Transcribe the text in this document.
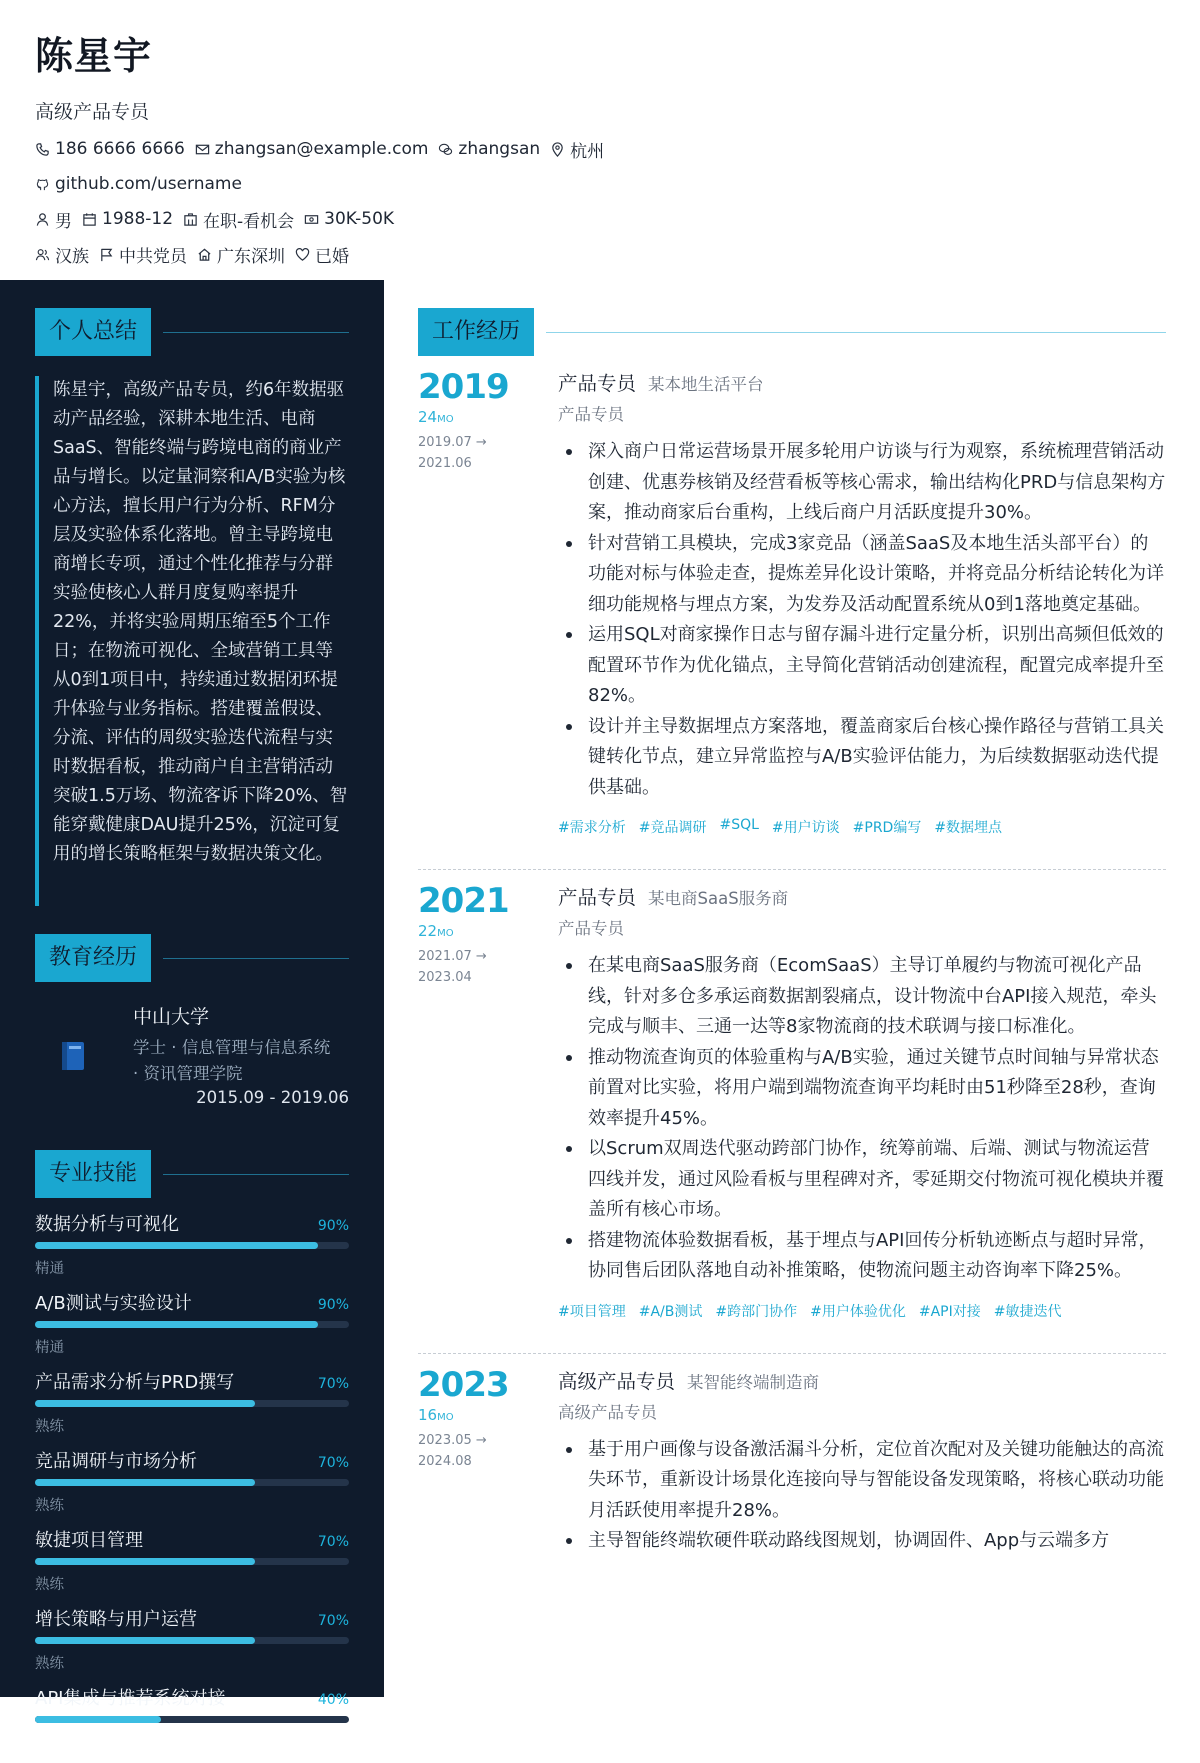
陈星宇
高级产品专员
186 6666 6666 zhangsan@example.com zhangsan 杭州
github.com/username
男 1988-12 在职-看机会 30K-50K
汉族 中共党员 广东深圳 已婚
个人总结
陈星宇，高级产品专员，约6年数据驱动产品经验，深耕本地生活、电商SaaS、智能终端与跨境电商的商业产品与增长。以定量洞察和A/B实验为核心方法，擅长用户行为分析、RFM分层及实验体系化落地。曾主导跨境电商增长专项，通过个性化推荐与分群实验使核心人群月度复购率提升22%，并将实验周期压缩至5个工作日；在物流可视化、全域营销工具等从0到1项目中，持续通过数据闭环提升体验与业务指标。搭建覆盖假设、分流、评估的周级实验迭代流程与实时数据看板，推动商户自主营销活动突破1.5万场、物流客诉下降20%、智能穿戴健康DAU提升25%，沉淀可复用的增长策略框架与数据决策文化。
教育经历
中山大学
学士 · 信息管理与信息系统
· 资讯管理学院
2015.09 - 2019.06
专业技能
数据分析与可视化	90%
精通
A/B测试与实验设计	90%
精通
产品需求分析与PRD撰写	70%
熟练
竞品调研与市场分析	70%
熟练
敏捷项目管理	70%
熟练
增长策略与用户运营	70%
熟练
API集成与推荐系统对接	40%
工作经历
2019
24MO
2019.07 →
2021.06
产品专员 某本地生活平台
产品专员
深入商户日常运营场景开展多轮用户访谈与行为观察，系统梳理营销活动创建、优惠券核销及经营看板等核心需求，输出结构化PRD与信息架构方案，推动商家后台重构，上线后商户月活跃度提升30%。
针对营销工具模块，完成3家竞品（涵盖SaaS及本地生活头部平台）的功能对标与体验走查，提炼差异化设计策略，并将竞品分析结论转化为详细功能规格与埋点方案，为发券及活动配置系统从0到1落地奠定基础。
运用SQL对商家操作日志与留存漏斗进行定量分析，识别出高频但低效的配置环节作为优化锚点，主导简化营销活动创建流程，配置完成率提升至82%。
设计并主导数据埋点方案落地，覆盖商家后台核心操作路径与营销工具关键转化节点，建立异常监控与A/B实验评估能力，为后续数据驱动迭代提供基础。
#需求分析 #竞品调研 #SQL #用户访谈 #PRD编写 #数据埋点
2021
22MO
2021.07 →
2023.04
产品专员 某电商SaaS服务商
产品专员
在某电商SaaS服务商（EcomSaaS）主导订单履约与物流可视化产品线，针对多仓多承运商数据割裂痛点，设计物流中台API接入规范，牵头完成与顺丰、三通一达等8家物流商的技术联调与接口标准化。
推动物流查询页的体验重构与A/B实验，通过关键节点时间轴与异常状态前置对比实验，将用户端到端物流查询平均耗时由51秒降至28秒，查询效率提升45%。
以Scrum双周迭代驱动跨部门协作，统筹前端、后端、测试与物流运营四线并发，通过风险看板与里程碑对齐，零延期交付物流可视化模块并覆盖所有核心市场。
搭建物流体验数据看板，基于埋点与API回传分析轨迹断点与超时异常，协同售后团队落地自动补推策略，使物流问题主动咨询率下降25%。
#项目管理 #A/B测试 #跨部门协作 #用户体验优化 #API对接 #敏捷迭代
2023
16MO
2023.05 →
2024.08
高级产品专员 某智能终端制造商
高级产品专员
基于用户画像与设备激活漏斗分析，定位首次配对及关键功能触达的高流失环节，重新设计场景化连接向导与智能设备发现策略，将核心联动功能月活跃使用率提升28%。
主导智能终端软硬件联动路线图规划，协调固件、App与云端多方
